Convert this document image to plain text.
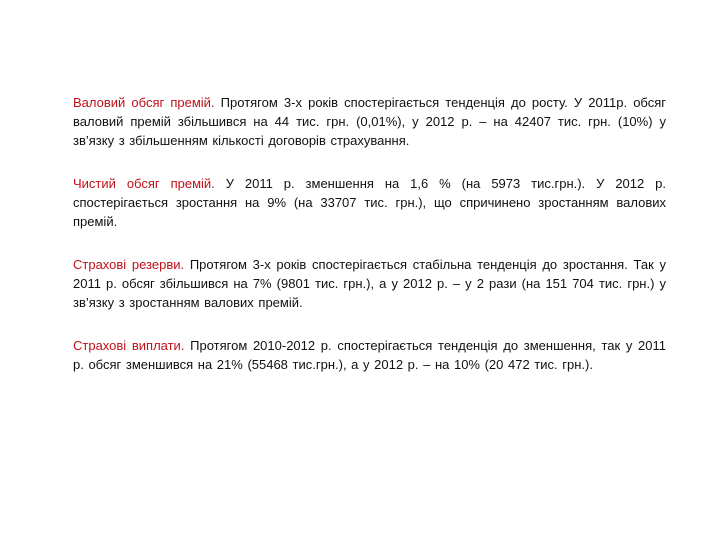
Валовий обсяг премій. Протягом 3-х років спостерігається тенденція до росту. У 2011р. обсяг валовий премій збільшився на 44 тис. грн. (0,01%), у 2012 р. – на 42407 тис. грн. (10%) у зв’язку з збільшенням кількості договорів страхування.

Чистий обсяг премій. У 2011 р. зменшення на 1,6 % (на 5973 тис.грн.). У 2012 р. спостерігається зростання на 9% (на 33707 тис. грн.), що спричинено зростанням валових премій.

Страхові резерви. Протягом 3-х років спостерігається стабільна тенденція до зростання. Так у 2011 р. обсяг збільшився на 7% (9801 тис. грн.), а у 2012 р. – у 2 рази (на 151 704 тис. грн.) у зв’язку з зростанням валових премій.

Страхові виплати. Протягом 2010-2012 р. спостерігається тенденція до зменшення, так у 2011 р. обсяг зменшився на 21% (55468 тис.грн.), а у 2012 р. – на 10% (20 472 тис. грн.).
